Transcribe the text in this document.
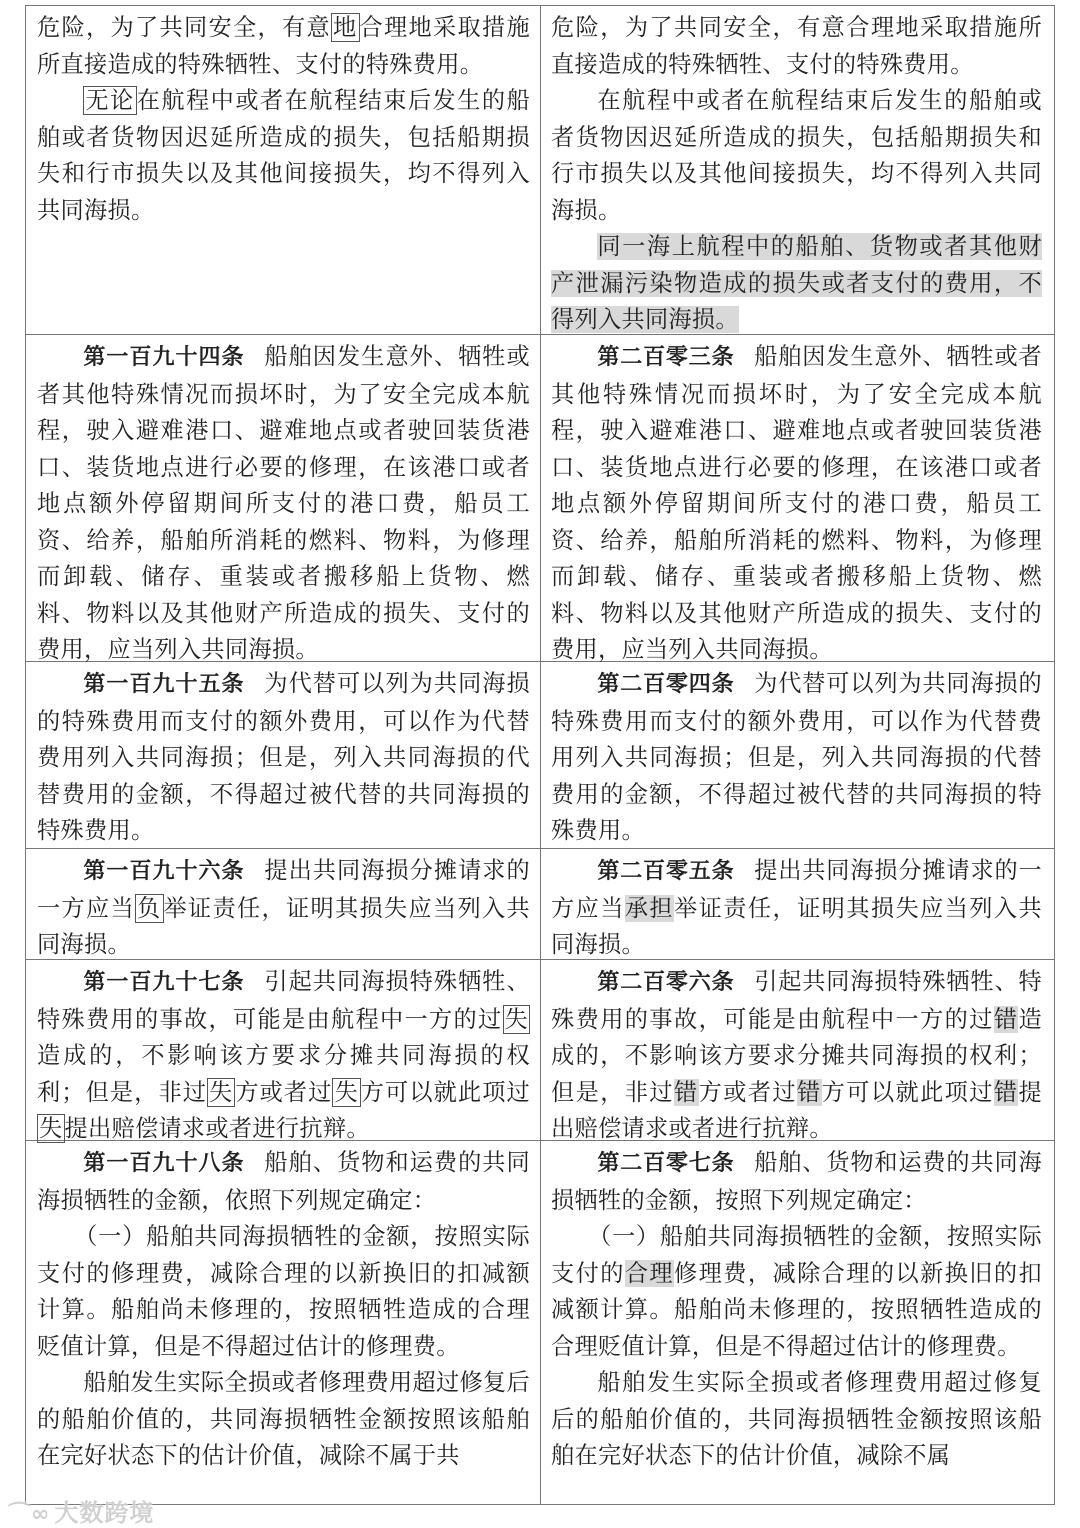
危险，为了共同安全，有意地合理地采取措施所直接造成的特殊牺牲、支付的特殊费用。

无论在航程中或者在航程结束后发生的船舶或者货物因迟延所造成的损失，包括船期损失和行市损失以及其他间接损失，均不得列入共同海损。

危险，为了共同安全，有意合理地采取措施所直接造成的特殊牺牲、支付的特殊费用。

在航程中或者在航程结束后发生的船舶或者货物因迟延所造成的损失，包括船期损失和行市损失以及其他间接损失，均不得列入共同海损。

同一海上航程中的船舶、货物或者其他财产泄漏污染物造成的损失或者支付的费用，不得列入共同海损。

第一百九十四条 船舶因发生意外、牺牲或者其他特殊情况而损坏时，为了安全完成本航程，驶入避难港口、避难地点或者驶回装货港口、装货地点进行必要的修理，在该港口或者地点额外停留期间所支付的港口费，船员工资、给养，船舶所消耗的燃料、物料，为修理而卸载、储存、重装或者搬移船上货物、燃料、物料以及其他财产所造成的损失、支付的费用，应当列入共同海损。

第二百零三条 船舶因发生意外、牺牲或者其他特殊情况而损坏时，为了安全完成本航程，驶入避难港口、避难地点或者驶回装货港口、装货地点进行必要的修理，在该港口或者地点额外停留期间所支付的港口费，船员工资、给养，船舶所消耗的燃料、物料，为修理而卸载、储存、重装或者搬移船上货物、燃料、物料以及其他财产所造成的损失、支付的费用，应当列入共同海损。

第一百九十五条 为代替可以列为共同海损的特殊费用而支付的额外费用，可以作为代替费用列入共同海损；但是，列入共同海损的代替费用的金额，不得超过被代替的共同海损的特殊费用。

第二百零四条 为代替可以列为共同海损的特殊费用而支付的额外费用，可以作为代替费用列入共同海损；但是，列入共同海损的代替费用的金额，不得超过被代替的共同海损的特殊费用。

第一百九十六条 提出共同海损分摊请求的一方应当负举证责任，证明其损失应当列入共同海损。

第二百零五条 提出共同海损分摊请求的一方应当承担举证责任，证明其损失应当列入共同海损。

第一百九十七条 引起共同海损特殊牺牲、特殊费用的事故，可能是由航程中一方的过失造成的，不影响该方要求分摊共同海损的权利；但是，非过失方或者过失方可以就此项过失提出赔偿请求或者进行抗辩。

第二百零六条 引起共同海损特殊牺牲、特殊费用的事故，可能是由航程中一方的过错造成的，不影响该方要求分摊共同海损的权利；但是，非过错方或者过错方可以就此项过错提出赔偿请求或者进行抗辩。

第一百九十八条 船舶、货物和运费的共同海损牺牲的金额，依照下列规定确定：

（一）船舶共同海损牺牲的金额，按照实际支付的修理费，减除合理的以新换旧的扣减额计算。船舶尚未修理的，按照牺牲造成的合理贬值计算，但是不得超过估计的修理费。

船舶发生实际全损或者修理费用超过修复后的船舶价值的，共同海损牺牲金额按照该船舶在完好状态下的估计价值，减除不属于共

第二百零七条 船舶、货物和运费的共同海损牺牲的金额，按照下列规定确定：

（一）船舶共同海损牺牲的金额，按照实际支付的合理修理费，减除合理的以新换旧的扣减额计算。船舶尚未修理的，按照牺牲造成的合理贬值计算，但是不得超过估计的修理费。

船舶发生实际全损或者修理费用超过修复后的船舶价值的，共同海损牺牲金额按照该船舶在完好状态下的估计价值，减除不属

⌒∞ 大数跨境
